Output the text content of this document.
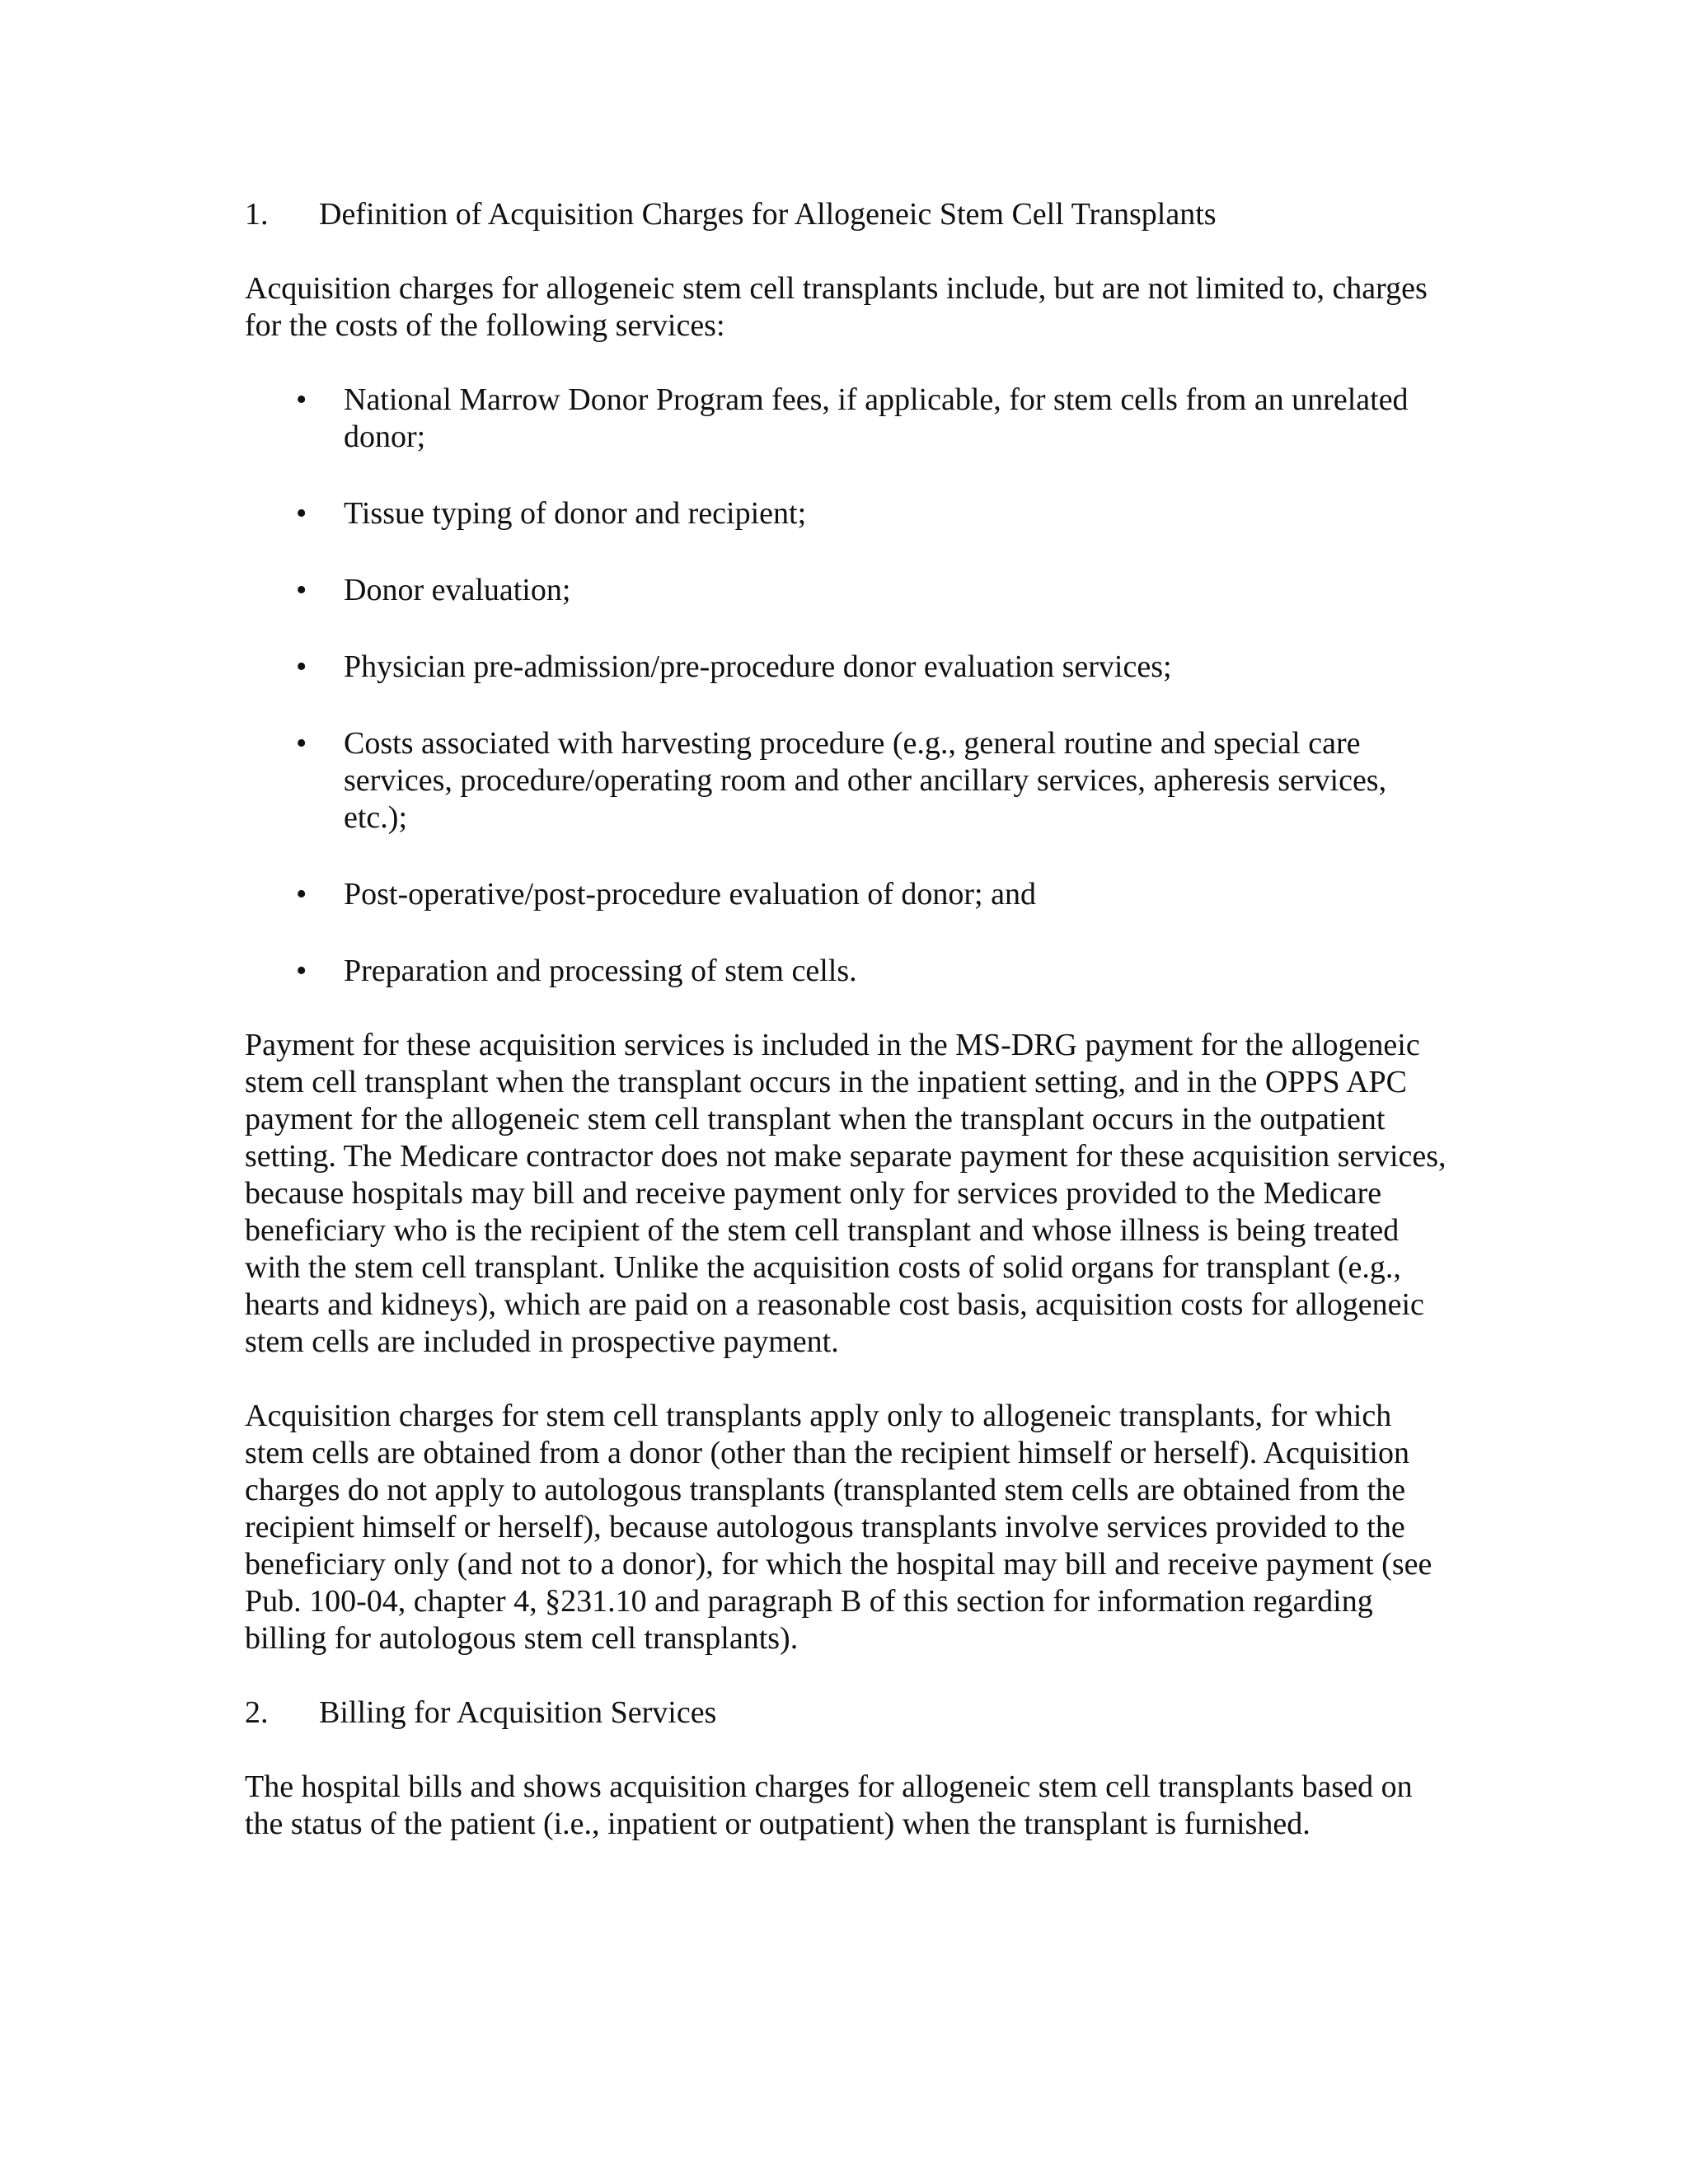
1.	Definition of Acquisition Charges for Allogeneic Stem Cell Transplants

Acquisition charges for allogeneic stem cell transplants include, but are not limited to, charges for the costs of the following services:

• National Marrow Donor Program fees, if applicable, for stem cells from an unrelated donor;
• Tissue typing of donor and recipient;
• Donor evaluation;
• Physician pre-admission/pre-procedure donor evaluation services;
• Costs associated with harvesting procedure (e.g., general routine and special care services, procedure/operating room and other ancillary services, apheresis services, etc.);
• Post-operative/post-procedure evaluation of donor; and
• Preparation and processing of stem cells.

Payment for these acquisition services is included in the MS-DRG payment for the allogeneic stem cell transplant when the transplant occurs in the inpatient setting, and in the OPPS APC payment for the allogeneic stem cell transplant when the transplant occurs in the outpatient setting. The Medicare contractor does not make separate payment for these acquisition services, because hospitals may bill and receive payment only for services provided to the Medicare beneficiary who is the recipient of the stem cell transplant and whose illness is being treated with the stem cell transplant. Unlike the acquisition costs of solid organs for transplant (e.g., hearts and kidneys), which are paid on a reasonable cost basis, acquisition costs for allogeneic stem cells are included in prospective payment.

Acquisition charges for stem cell transplants apply only to allogeneic transplants, for which stem cells are obtained from a donor (other than the recipient himself or herself). Acquisition charges do not apply to autologous transplants (transplanted stem cells are obtained from the recipient himself or herself), because autologous transplants involve services provided to the beneficiary only (and not to a donor), for which the hospital may bill and receive payment (see Pub. 100-04, chapter 4, §231.10 and paragraph B of this section for information regarding billing for autologous stem cell transplants).

2.	Billing for Acquisition Services

The hospital bills and shows acquisition charges for allogeneic stem cell transplants based on the status of the patient (i.e., inpatient or outpatient) when the transplant is furnished.
